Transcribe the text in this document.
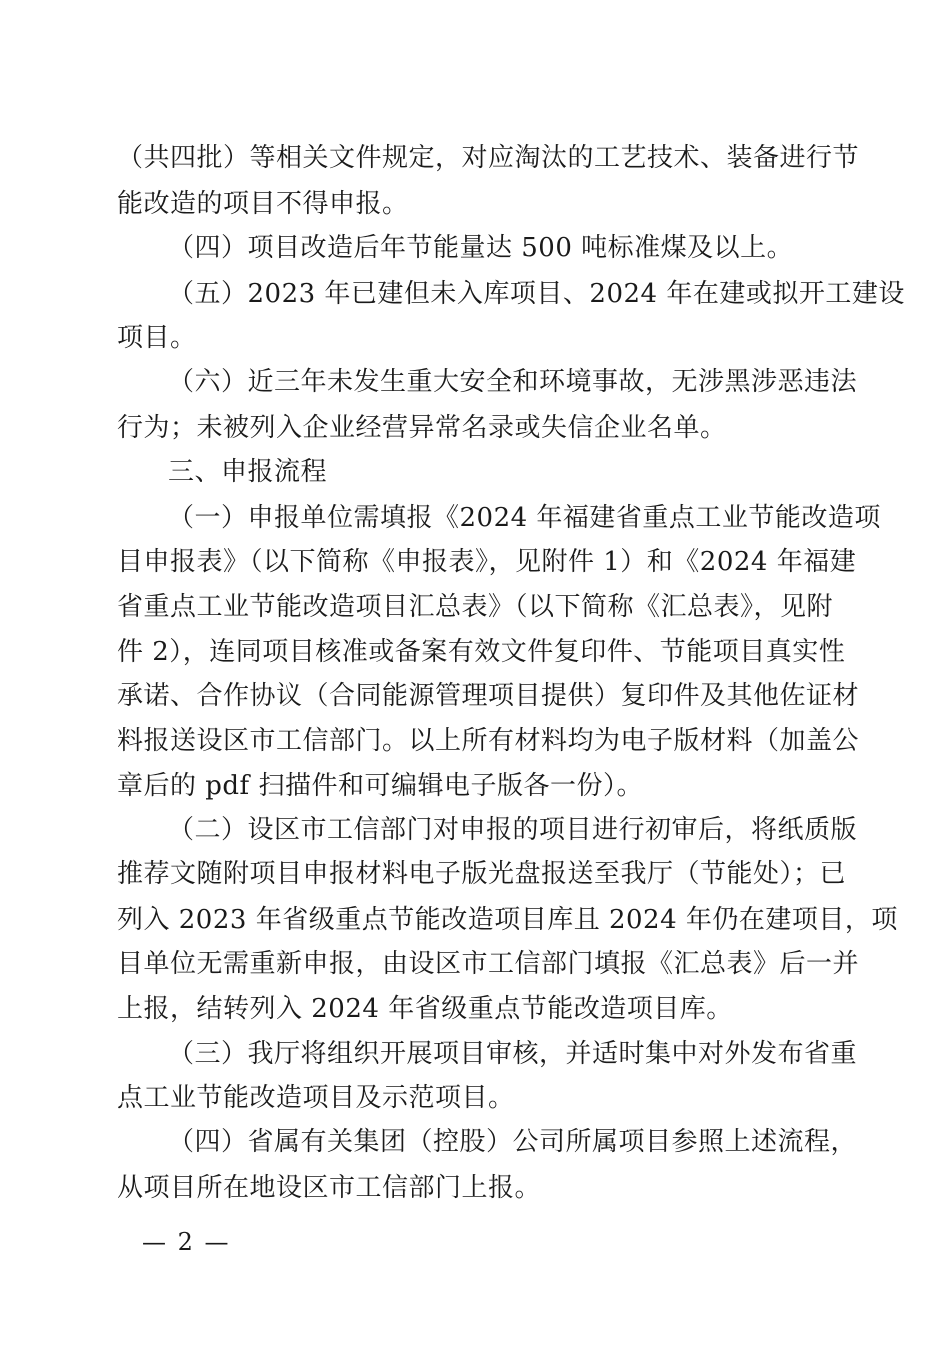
（共四批）等相关文件规定，对应淘汰的工艺技术、装备进行节
能改造的项目不得申报。
（四）项目改造后年节能量达 500 吨标准煤及以上。
（五）2023 年已建但未入库项目、2024 年在建或拟开工建设
项目。
（六）近三年未发生重大安全和环境事故，无涉黑涉恶违法
行为；未被列入企业经营异常名录或失信企业名单。
三、申报流程
（一）申报单位需填报《2024 年福建省重点工业节能改造项
目申报表》（以下简称《申报表》，见附件 1）和《2024 年福建
省重点工业节能改造项目汇总表》（以下简称《汇总表》，见附
件 2），连同项目核准或备案有效文件复印件、节能项目真实性
承诺、合作协议（合同能源管理项目提供）复印件及其他佐证材
料报送设区市工信部门。以上所有材料均为电子版材料（加盖公
章后的 pdf 扫描件和可编辑电子版各一份）。
（二）设区市工信部门对申报的项目进行初审后，将纸质版
推荐文随附项目申报材料电子版光盘报送至我厅（节能处）；已
列入 2023 年省级重点节能改造项目库且 2024 年仍在建项目，项
目单位无需重新申报，由设区市工信部门填报《汇总表》后一并
上报，结转列入 2024 年省级重点节能改造项目库。
（三）我厅将组织开展项目审核，并适时集中对外发布省重
点工业节能改造项目及示范项目。
（四）省属有关集团（控股）公司所属项目参照上述流程，
从项目所在地设区市工信部门上报。
— 2 —
